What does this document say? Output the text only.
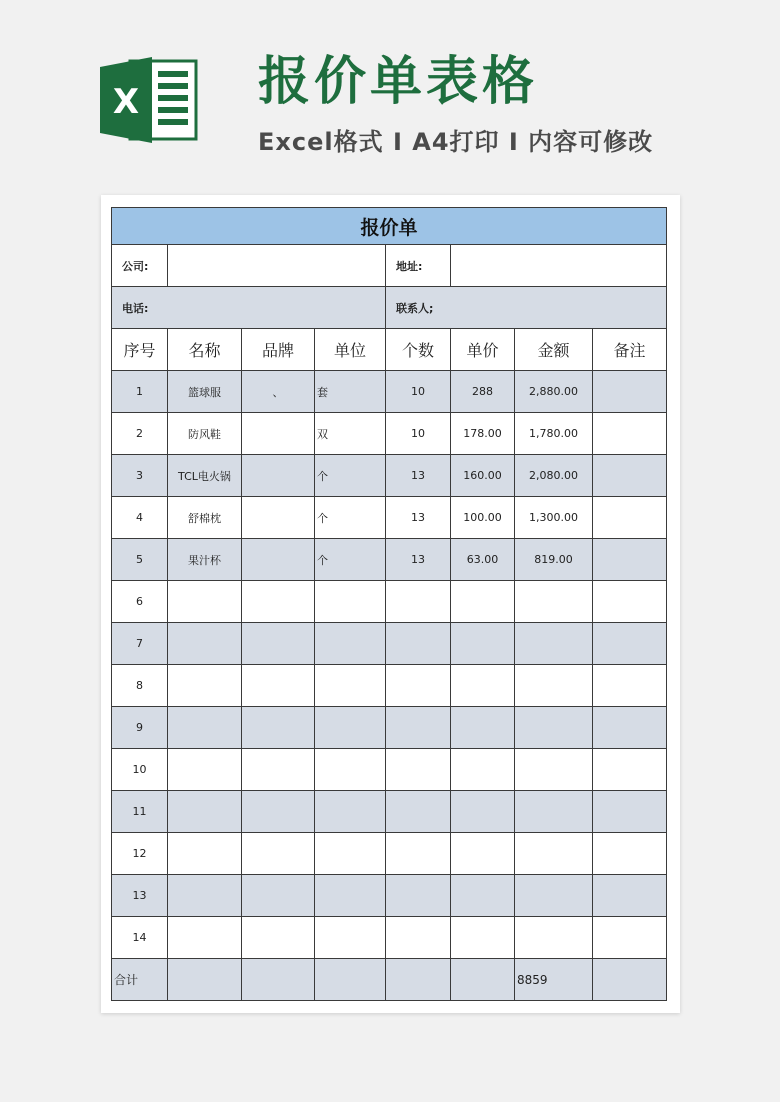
X 报价单表格
Excel格式 I A4打印 I 内容可修改
报价单							
公司:				地址:			
电话:				联系人;			
序号	名称	品牌	单位	个数	单价	金额	备注
1	篮球服	、	套	10	288	2,880.00	
2	防风鞋		双	10	178.00	1,780.00	
3	TCL电火锅		个	13	160.00	2,080.00	
4	舒棉枕		个	13	100.00	1,300.00	
5	果汁杯		个	13	63.00	819.00	
6							
7							
8							
9							
10							
11							
12							
13							
14							
合计						8859	
